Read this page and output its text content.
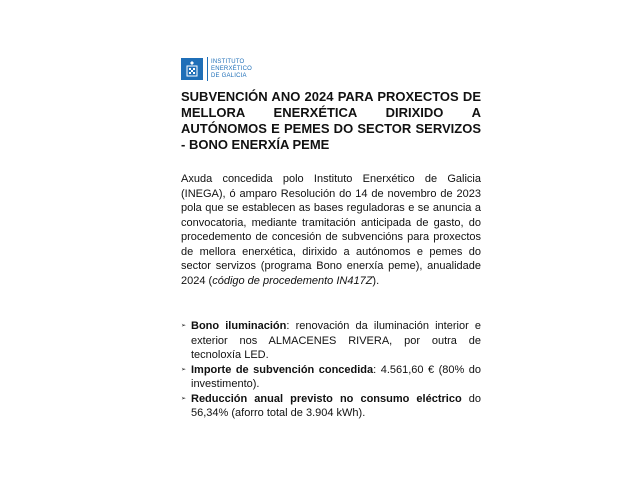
INSTITUTO
ENERXÉTICO
DE GALICIA
SUBVENCIÓN ANO 2024 PARA PROXECTOS DE MELLORA ENERXÉTICA DIRIXIDO A AUTÓNOMOS E PEMES DO SECTOR SERVIZOS - BONO ENERXÍA PEME

Axuda concedida polo Instituto Enerxético de Galicia (INEGA), ó amparo Resolución do 14 de novembro de 2023 pola que se establecen as bases reguladoras e se anuncia a convocatoria, mediante tramitación anticipada de gasto, do procedemento de concesión de subvencións para proxectos de mellora enerxética, dirixido a autónomos e pemes do sector servizos (programa Bono enerxía peme), anualidade 2024 (código de procedemento IN417Z).

➢ Bono iluminación: renovación da iluminación interior e exterior nos ALMACENES RIVERA, por outra de tecnoloxía LED.
➢ Importe de subvención concedida: 4.561,60 € (80% do investimento).
➢ Reducción anual previsto no consumo eléctrico do 56,34% (aforro total de 3.904 kWh).
